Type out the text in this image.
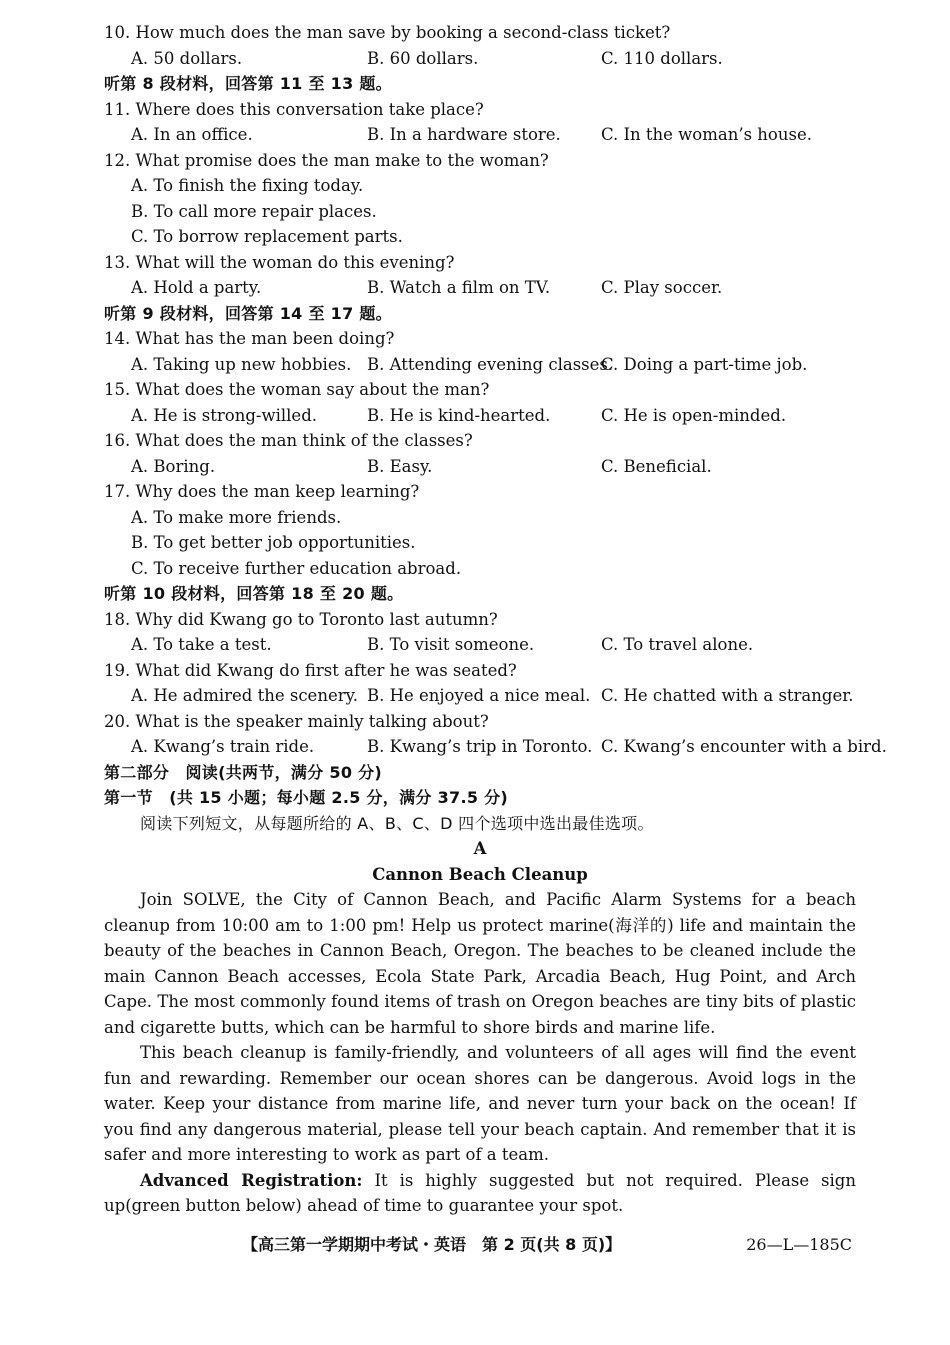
10. How much does the man save by booking a second-class ticket?
A. 50 dollars.	B. 60 dollars.	C. 110 dollars.
听第 8 段材料，回答第 11 至 13 题。
11. Where does this conversation take place?
A. In an office.	B. In a hardware store. C. In the woman’s house.
12. What promise does the man make to the woman?
A. To finish the fixing today.
B. To call more repair places.
C. To borrow replacement parts.
13. What will the woman do this evening?
A. Hold a party.	B. Watch a film on TV.	C. Play soccer.
听第 9 段材料，回答第 14 至 17 题。
14. What has the man been doing?
A. Taking up new hobbies. B. Attending evening classes.
C. Doing a part-time job.
15. What does the woman say about the man?
A. He is strong-willed.	B. He is kind-hearted.	C. He is open-minded.
16. What does the man think of the classes?
A. Boring.	B. Easy.	C. Beneficial.
17. Why does the man keep learning?
A. To make more friends.
B. To get better job opportunities.
C. To receive further education abroad.
听第 10 段材料，回答第 18 至 20 题。
18. Why did Kwang go to Toronto last autumn?
A. To take a test.	B. To visit someone.	C. To travel alone.
19. What did Kwang do first after he was seated?
A. He admired the scenery. B. He enjoyed a nice meal. C. He chatted with a stranger.
20. What is the speaker mainly talking about?
A. Kwang’s train ride.	B. Kwang’s trip in Toronto. C. Kwang’s encounter with a bird.
第二部分　阅读(共两节，满分 50 分)
第一节　(共 15 小题；每小题 2.5 分，满分 37.5 分)
阅读下列短文，从每题所给的 A、B、C、D 四个选项中选出最佳选项。
A
Cannon Beach Cleanup

Join SOLVE, the City of Cannon Beach, and Pacific Alarm Systems for a beach cleanup from 10:00 am to 1:00 pm! Help us protect marine(海洋的) life and maintain the beauty of the beaches in Cannon Beach, Oregon. The beaches to be cleaned include the main Cannon Beach accesses, Ecola State Park, Arcadia Beach, Hug Point, and Arch Cape. The most commonly found items of trash on Oregon beaches are tiny bits of plastic and cigarette butts, which can be harmful to shore birds and marine life.

This beach cleanup is family-friendly, and volunteers of all ages will find the event fun and rewarding. Remember our ocean shores can be dangerous. Avoid logs in the water. Keep your distance from marine life, and never turn your back on the ocean! If you find any dangerous material, please tell your beach captain. And remember that it is safer and more interesting to work as part of a team.

Advanced Registration: It is highly suggested but not required. Please sign up(green button below) ahead of time to guarantee your spot.

【高三第一学期期中考试・英语　第 2 页(共 8 页)】	26—L—185C
